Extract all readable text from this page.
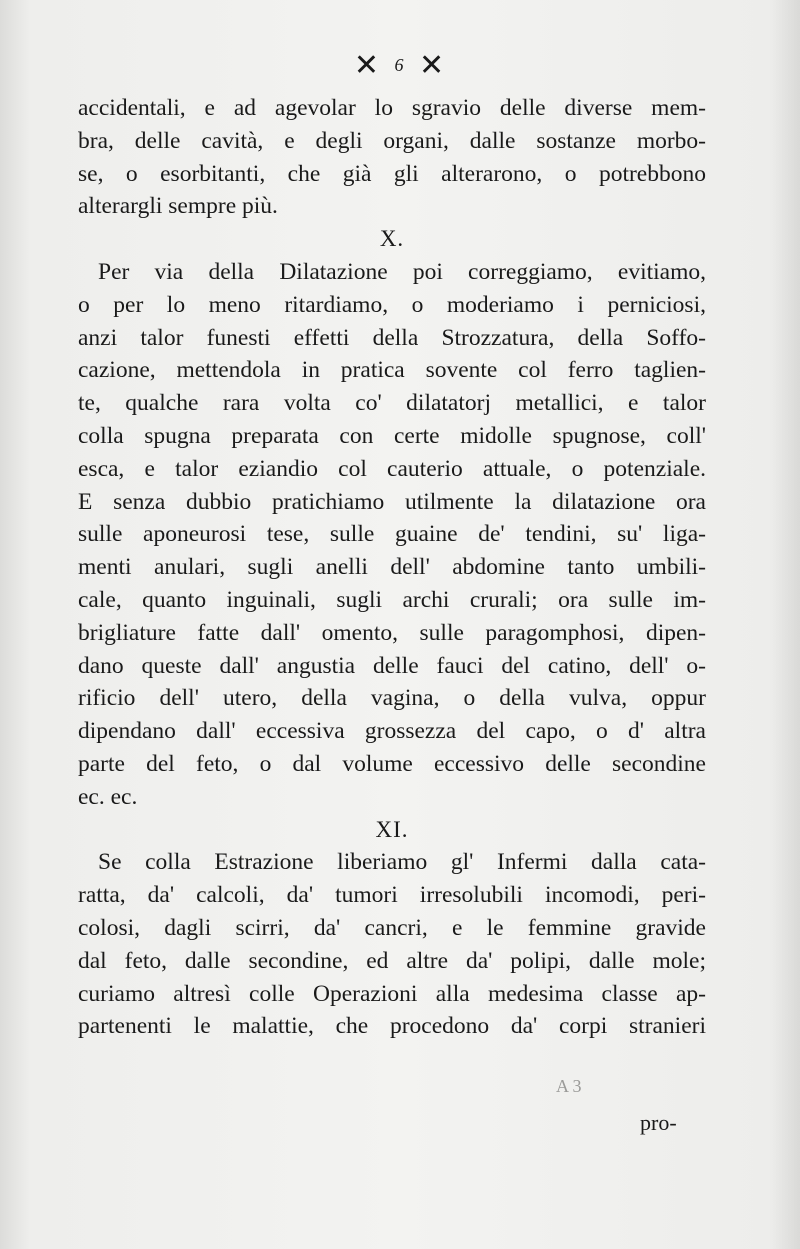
✕ 6 ✕
accidentali, e ad agevolar lo sgravio delle diverse mem-
bra, delle cavità, e degli organi, dalle sostanze morbo-
se, o esorbitanti, che già gli alterarono, o potrebbono
alterargli sempre più.
X.
Per via della Dilatazione poi correggiamo, evitiamo,
o per lo meno ritardiamo, o moderiamo i perniciosi,
anzi talor funesti effetti della Strozzatura, della Soffo-
cazione, mettendola in pratica sovente col ferro taglien-
te, qualche rara volta co' dilatatorj metallici, e talor
colla spugna preparata con certe midolle spugnose, coll'
esca, e talor eziandio col cauterio attuale, o potenziale.
E senza dubbio pratichiamo utilmente la dilatazione ora
sulle aponeurosi tese, sulle guaine de' tendini, su' liga-
menti anulari, sugli anelli dell' abdomine tanto umbili-
cale, quanto inguinali, sugli archi crurali; ora sulle im-
brigliature fatte dall' omento, sulle paragomphosi, dipen-
dano queste dall' angustia delle fauci del catino, dell' o-
rificio dell' utero, della vagina, o della vulva, oppur
dipendano dall' eccessiva grossezza del capo, o d' altra
parte del feto, o dal volume eccessivo delle secondine
ec. ec.
XI.
Se colla Estrazione liberiamo gl' Infermi dalla cata-
ratta, da' calcoli, da' tumori irresolubili incomodi, peri-
colosi, dagli scirri, da' cancri, e le femmine gravide
dal feto, dalle secondine, ed altre da' polipi, dalle mole;
curiamo altresì colle Operazioni alla medesima classe ap-
partenenti le malattie, che procedono da' corpi stranieri
A 3
pro-
